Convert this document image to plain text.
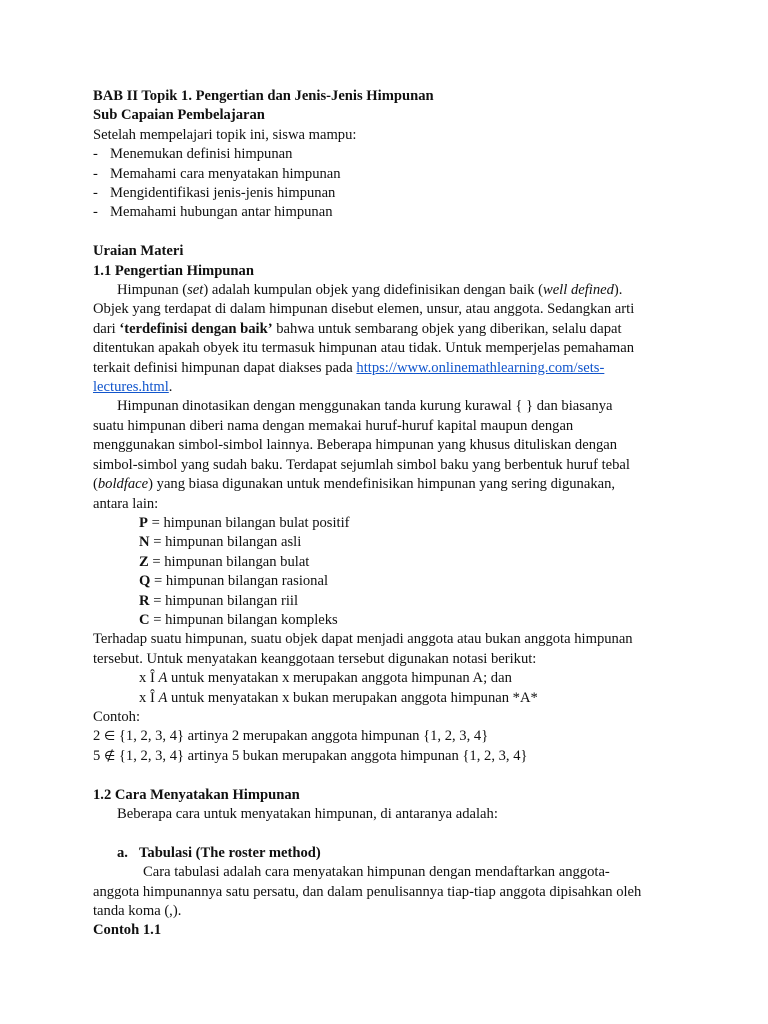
BAB II Topik 1. Pengertian dan Jenis-Jenis Himpunan
Sub Capaian Pembelajaran
Setelah mempelajari topik ini, siswa mampu:
- Menemukan definisi himpunan
- Memahami cara menyatakan himpunan
- Mengidentifikasi jenis-jenis himpunan
- Memahami hubungan antar himpunan
Uraian Materi
1.1 Pengertian Himpunan
Himpunan (set) adalah kumpulan objek yang didefinisikan dengan baik (well defined).
Objek yang terdapat di dalam himpunan disebut elemen, unsur, atau anggota. Sedangkan arti
dari ‘terdefinisi dengan baik’ bahwa untuk sembarang objek yang diberikan, selalu dapat
ditentukan apakah obyek itu termasuk himpunan atau tidak. Untuk memperjelas pemahaman
terkait definisi himpunan dapat diakses pada https://www.onlinemathlearning.com/sets-
lectures.html.
Himpunan dinotasikan dengan menggunakan tanda kurung kurawal { } dan biasanya
suatu himpunan diberi nama dengan memakai huruf-huruf kapital maupun dengan
menggunakan simbol-simbol lainnya. Beberapa himpunan yang khusus dituliskan dengan
simbol-simbol yang sudah baku. Terdapat sejumlah simbol baku yang berbentuk huruf tebal
(boldface) yang biasa digunakan untuk mendefinisikan himpunan yang sering digunakan,
antara lain:
P = himpunan bilangan bulat positif
N = himpunan bilangan asli
Z = himpunan bilangan bulat
Q = himpunan bilangan rasional
R = himpunan bilangan riil
C = himpunan bilangan kompleks
Terhadap suatu himpunan, suatu objek dapat menjadi anggota atau bukan anggota himpunan
tersebut. Untuk menyatakan keanggotaan tersebut digunakan notasi berikut:
x Î A untuk menyatakan x merupakan anggota himpunan A; dan
x Î A untuk menyatakan x bukan merupakan anggota himpunan *A*
Contoh:
2 ∈ {1, 2, 3, 4} artinya 2 merupakan anggota himpunan {1, 2, 3, 4}
5 ∉ {1, 2, 3, 4} artinya 5 bukan merupakan anggota himpunan {1, 2, 3, 4}
1.2 Cara Menyatakan Himpunan
Beberapa cara untuk menyatakan himpunan, di antaranya adalah:
a. Tabulasi (The roster method)
Cara tabulasi adalah cara menyatakan himpunan dengan mendaftarkan anggota-
anggota himpunannya satu persatu, dan dalam penulisannya tiap-tiap anggota dipisahkan oleh
tanda koma (,).
Contoh 1.1
